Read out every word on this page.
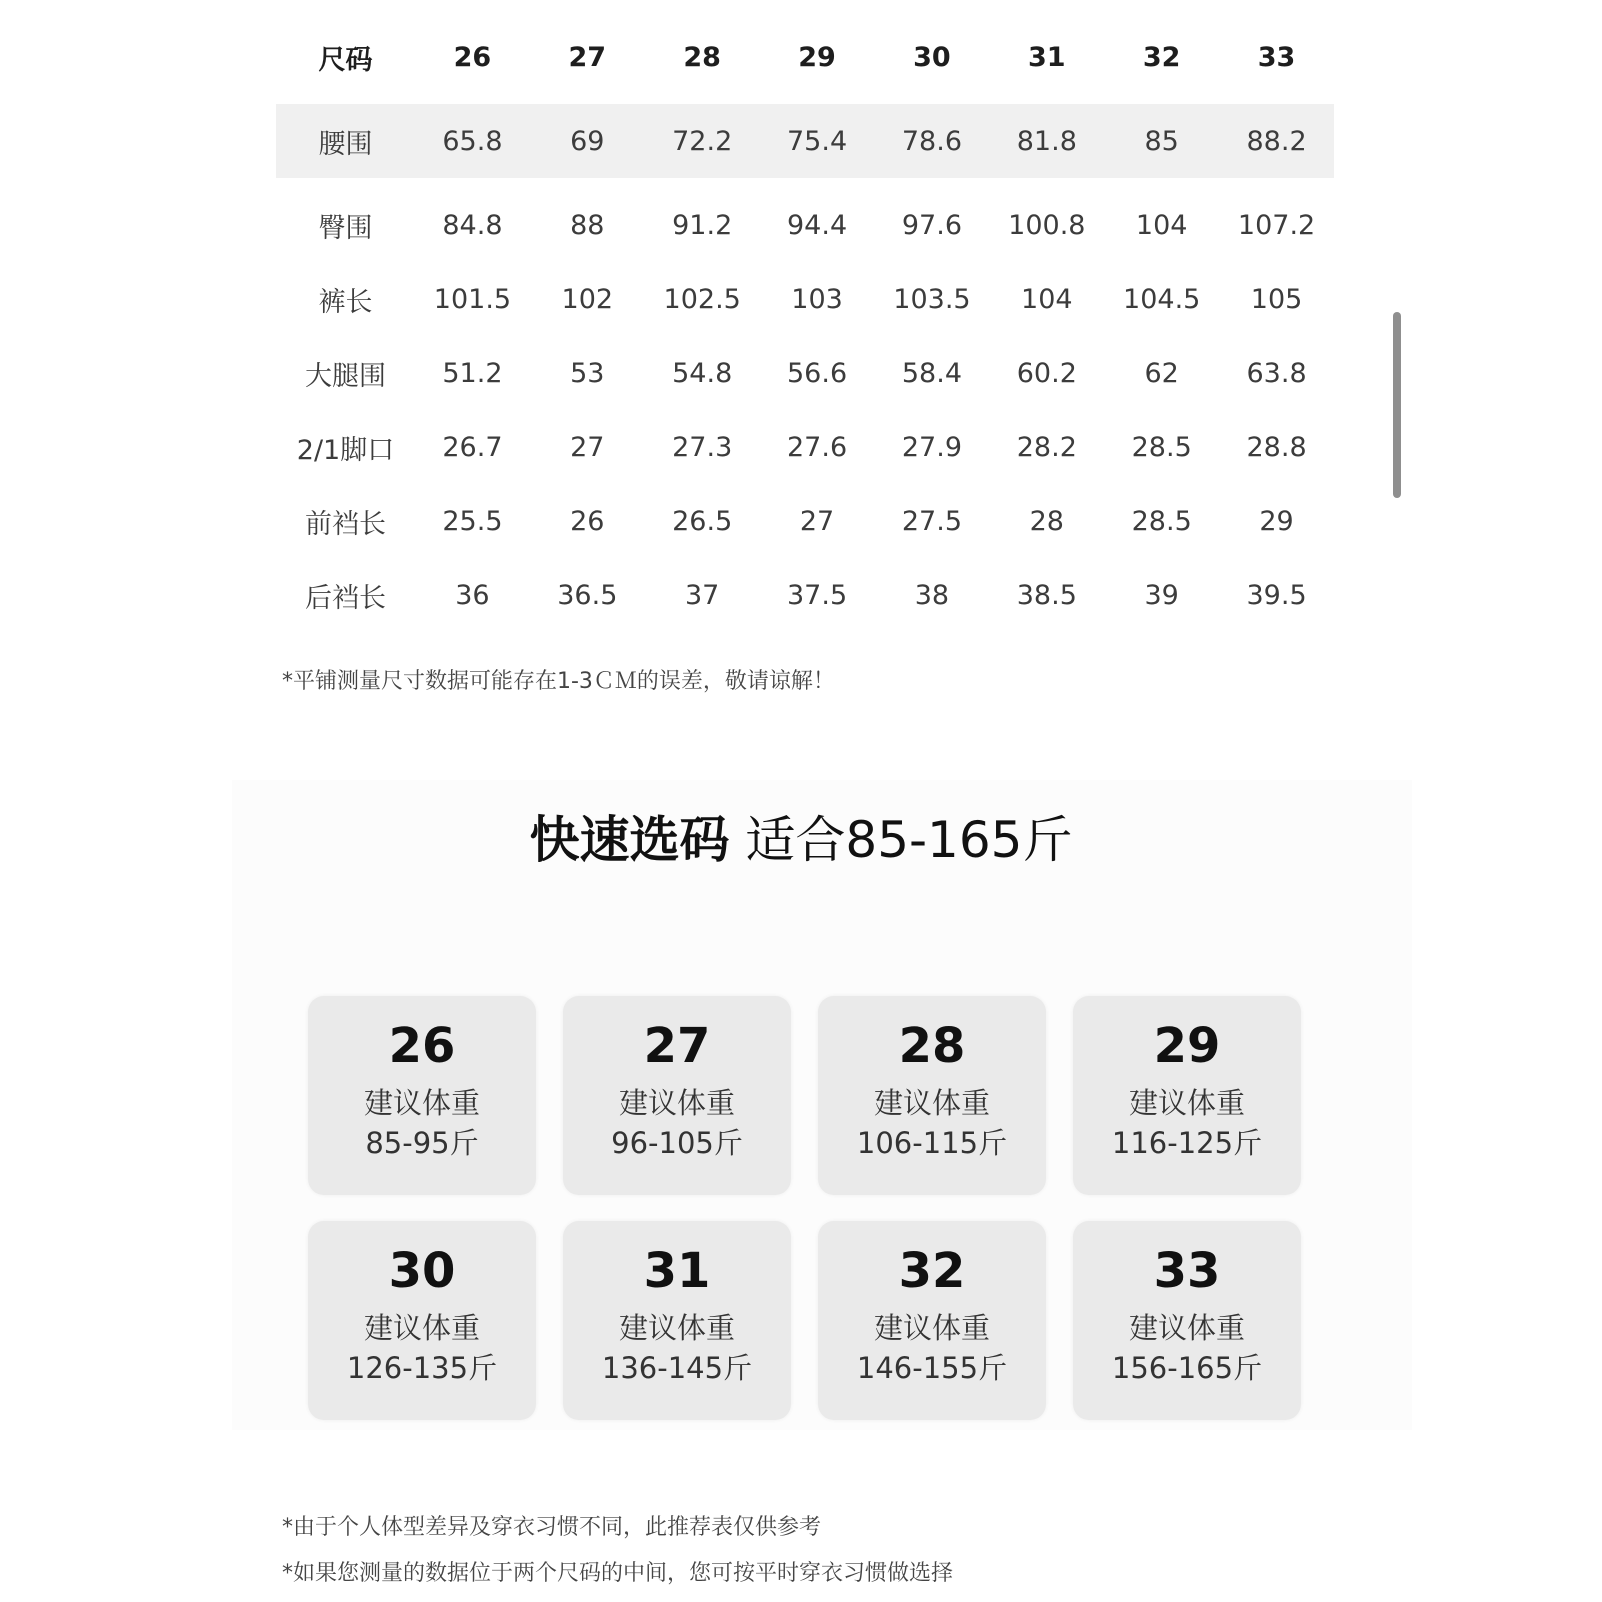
尺码	26	27	28	29	30	31	32	33
腰围	65.8	69	72.2	75.4	78.6	81.8	85	88.2
臀围	84.8	88	91.2	94.4	97.6	100.8	104	107.2
裤长	101.5	102	102.5	103	103.5	104	104.5	105
大腿围	51.2	53	54.8	56.6	58.4	60.2	62	63.8
2/1脚口	26.7	27	27.3	27.6	27.9	28.2	28.5	28.8
前裆长	25.5	26	26.5	27	27.5	28	28.5	29
后裆长	36	36.5	37	37.5	38	38.5	39	39.5
*平铺测量尺寸数据可能存在1-3ＣＭ的误差，敬请谅解！
快速选码 适合85-165斤
26
建议体重
85-95斤
27
建议体重
96-105斤
28
建议体重
106-115斤
29
建议体重
116-125斤
30
建议体重
126-135斤
31
建议体重
136-145斤
32
建议体重
146-155斤
33
建议体重
156-165斤
*由于个人体型差异及穿衣习惯不同，此推荐表仅供参考
*如果您测量的数据位于两个尺码的中间，您可按平时穿衣习惯做选择
